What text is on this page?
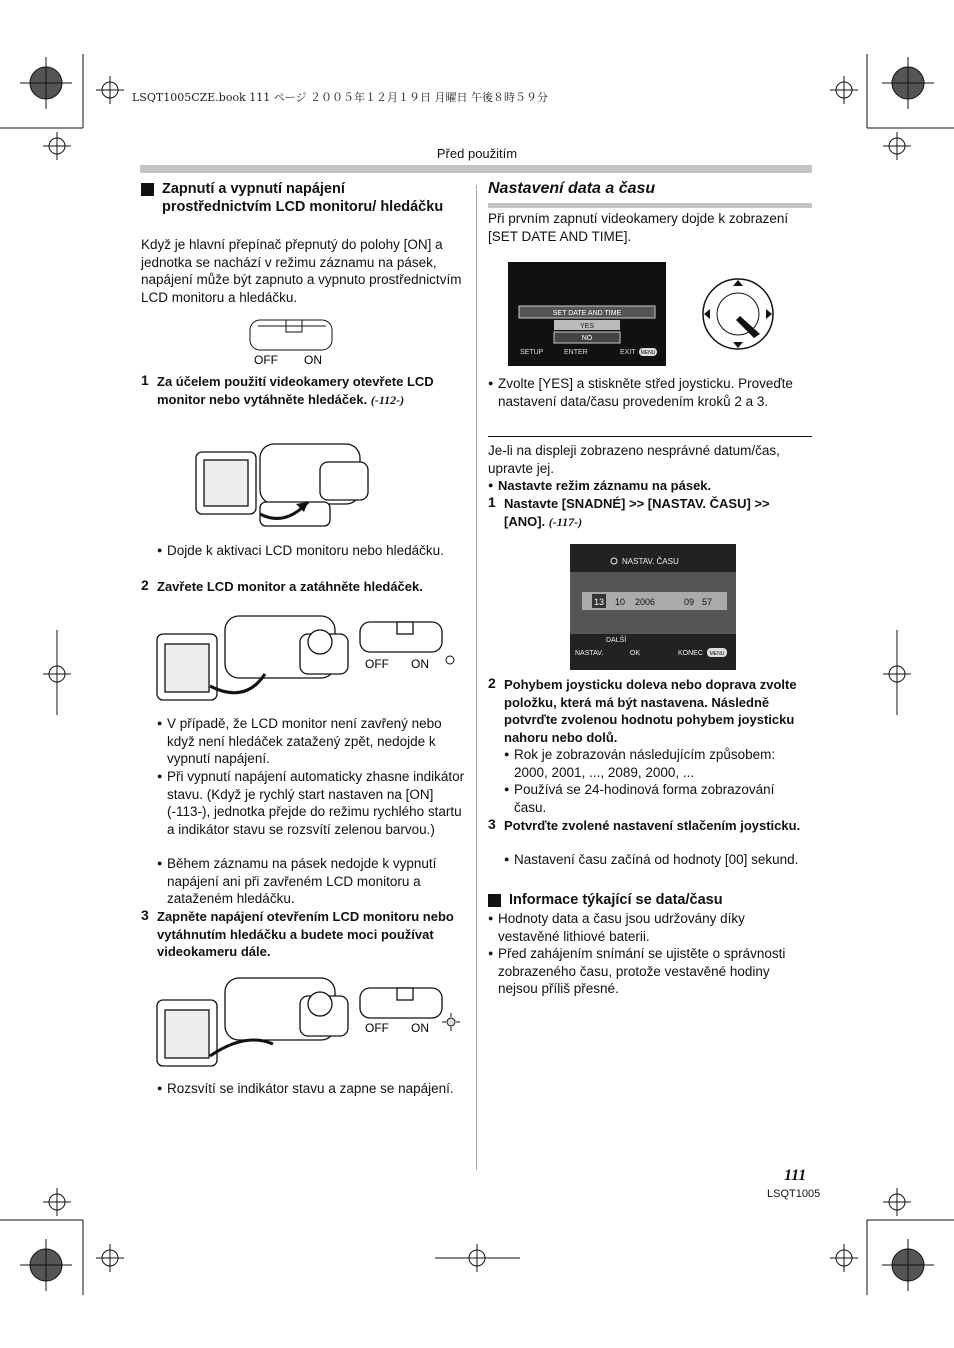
LSQT1005CZE.book 111 ページ ２００５年１２月１９日 月曜日 午後８時５９分
Před použitím
Zapnutí a vypnutí napájení prostřednictvím LCD monitoru/ hledáčku
Když je hlavní přepínač přepnutý do polohy [ON] a jednotka se nachází v režimu záznamu na pásek, napájení může být zapnuto a vypnuto prostřednictvím LCD monitoru a hledáčku.
OFF ON
1 Za účelem použití videokamery otevřete LCD monitor nebo vytáhněte hledáček. (-112-)
● Dojde k aktivaci LCD monitoru nebo hledáčku.
2 Zavřete LCD monitor a zatáhněte hledáček.
OFF ON
● V případě, že LCD monitor není zavřený nebo když není hledáček zatažený zpět, nedojde k vypnutí napájení.
● Při vypnutí napájení automaticky zhasne indikátor stavu. (Když je rychlý start nastaven na [ON] (-113-), jednotka přejde do režimu rychlého startu a indikátor stavu se rozsvítí zelenou barvou.)
● Během záznamu na pásek nedojde k vypnutí napájení ani při zavřeném LCD monitoru a zataženém hledáčku.
3 Zapněte napájení otevřením LCD monitoru nebo vytáhnutím hledáčku a budete moci používat videokameru dále.
OFF ON
● Rozsvítí se indikátor stavu a zapne se napájení.
Nastavení data a času
Při prvním zapnutí videokamery dojde k zobrazení [SET DATE AND TIME].
SET DATE AND TIME
YES
NO
SETUP	ENTER	EXIT MENU
● Zvolte [YES] a stiskněte střed joysticku. Proveďte nastavení data/času provedením kroků 2 a 3.
Je-li na displeji zobrazeno nesprávné datum/čas, upravte jej.
● Nastavte režim záznamu na pásek.
1 Nastavte [SNADNÉ] >> [NASTAV. ČASU] >> [ANO]. (-117-)
NASTAV. ČASU
13 10 2006	09 57
DALŠÍ
NASTAV.	OK	KONEC MENU
2 Pohybem joysticku doleva nebo doprava zvolte položku, která má být nastavena. Následně potvrďte zvolenou hodnotu pohybem joysticku nahoru nebo dolů.
● Rok je zobrazován následujícím způsobem: 2000, 2001, ..., 2089, 2000, ...
● Používá se 24-hodinová forma zobrazování času.
3 Potvrďte zvolené nastavení stlačením joysticku.
● Nastavení času začíná od hodnoty [00] sekund.
Informace týkající se data/času
● Hodnoty data a času jsou udržovány díky vestavěné lithiové baterii.
● Před zahájením snímání se ujistěte o správnosti zobrazeného času, protože vestavěné hodiny nejsou příliš přesné.
111
LSQT1005
